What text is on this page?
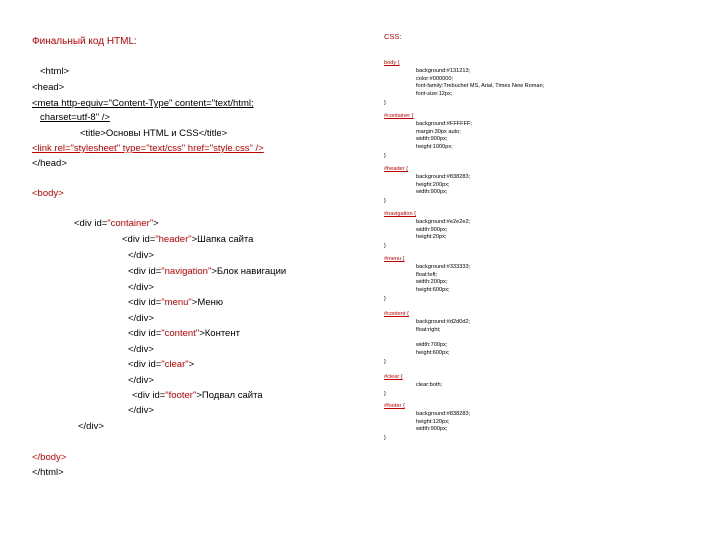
Финальный код HTML:
<html>
<head>
<meta http-equiv="Content-Type" content="text/html;
charset=utf-8" />
<title>Основы HTML и CSS</title>
<link rel="stylesheet" type="text/css" href="style.css" />
</head>
<body>
<div id="container">
<div id="header">Шапка сайта
</div>
<div id="navigation">Блок навигации
</div>
<div id="menu">Меню
</div>
<div id="content">Контент
</div>
<div id="clear">
</div>
<div id="footer">Подвал сайта
</div>
</div>
</body>
</html>
CSS:
body {
background:#131213;
color:#000000;
font-family:Trebuchet MS, Arial, Times New Roman;
font-size:12px;
}
#container {
background:#FFFFFF;
margin:30px auto;
width:900px;
height:1000px;
}
#header {
background:#838283;
height:200px;
width:900px;
}
#navigation {
background:#e2e2e2;
width:900px;
height:20px;
}
#menu {
background:#333333;
float:left;
width:200px;
height:600px;
}
#content {
background:#d2d0d2;
float:right;
width:700px;
height:600px;
}
#clear {
clear:both;
}
#footer {
background:#838283;
height:120px;
width:900px;
}
